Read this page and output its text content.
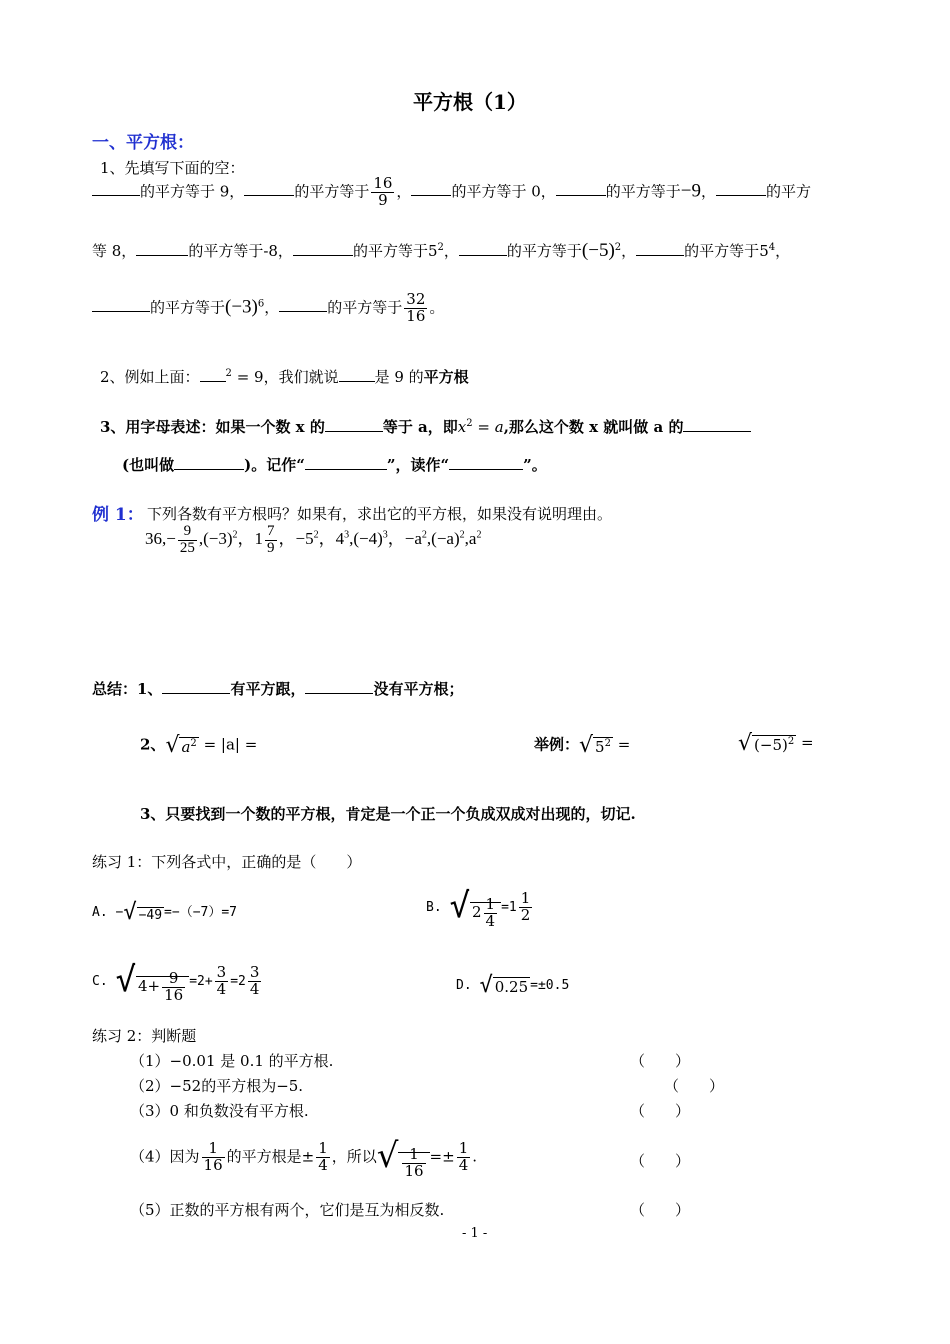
平方根（1）
一、平方根：
1、先填写下面的空：
的平方等于 9，	的平方等于 $\frac{16}{9}$ ，	的平方等于 0，	的平方等于−9，	的平方
等 8，	的平方等于-8，	的平方等于$5^2$，	的平方等于$(-5)^2$，	的平方等于$5^4$，
的平方等于$(-3)^6$，	的平方等于 $\frac{32}{16}$ 。
2、例如上面：	$^2$ = 9，我们就说 是 9 的平方根
3、用字母表述：如果一个数 x 的	等于 a，即$x^2 = a$,那么这个数 x 就叫做 a 的
(也叫做	)。记作“	”，读作“	”。
例 1： 下列各数有平方根吗？如果有，求出它的平方根，如果没有说明理由。
$36,- \frac{9}{25} ,(-3)^2$，$1 \frac{7}{9}$ ，$-5^2$，$4^3,(-4)^3$，$-a^2,(-a)^2,a^2$
总结：1、	有平方跟，	没有平方根；
2、√ $a^2 = |a|$ =	举例：√ $5^2$ =	√ $(-5)^2$ =
3、只要找到一个数的平方根，肯定是一个正一个负成双成对出现的，切记.
练习 1：下列各式中，正确的是（　　）
A. −√ −49 =−（−7）=7	B. √ $2 \frac{1}{4} =1 \frac{1}{2}$
C. √ $4+ \frac{9}{16} =2+ \frac{3}{4} =2 \frac{3}{4}$	D. √ 0.25 =±0.5
练习 2：判断题
（1）−0.01 是 0.1 的平方根.	（　　）
（2）−52的平方根为−5.	（　　）
（3）0 和负数没有平方根.	（　　）
（4）因为 $\frac{1}{16}$ 的平方根是± $\frac{1}{4}$ ，所以√ $\frac{1}{16} =\pm \frac{1}{4}$ .	（　　）
（5）正数的平方根有两个，它们是互为相反数.	（　　）
- 1 -
